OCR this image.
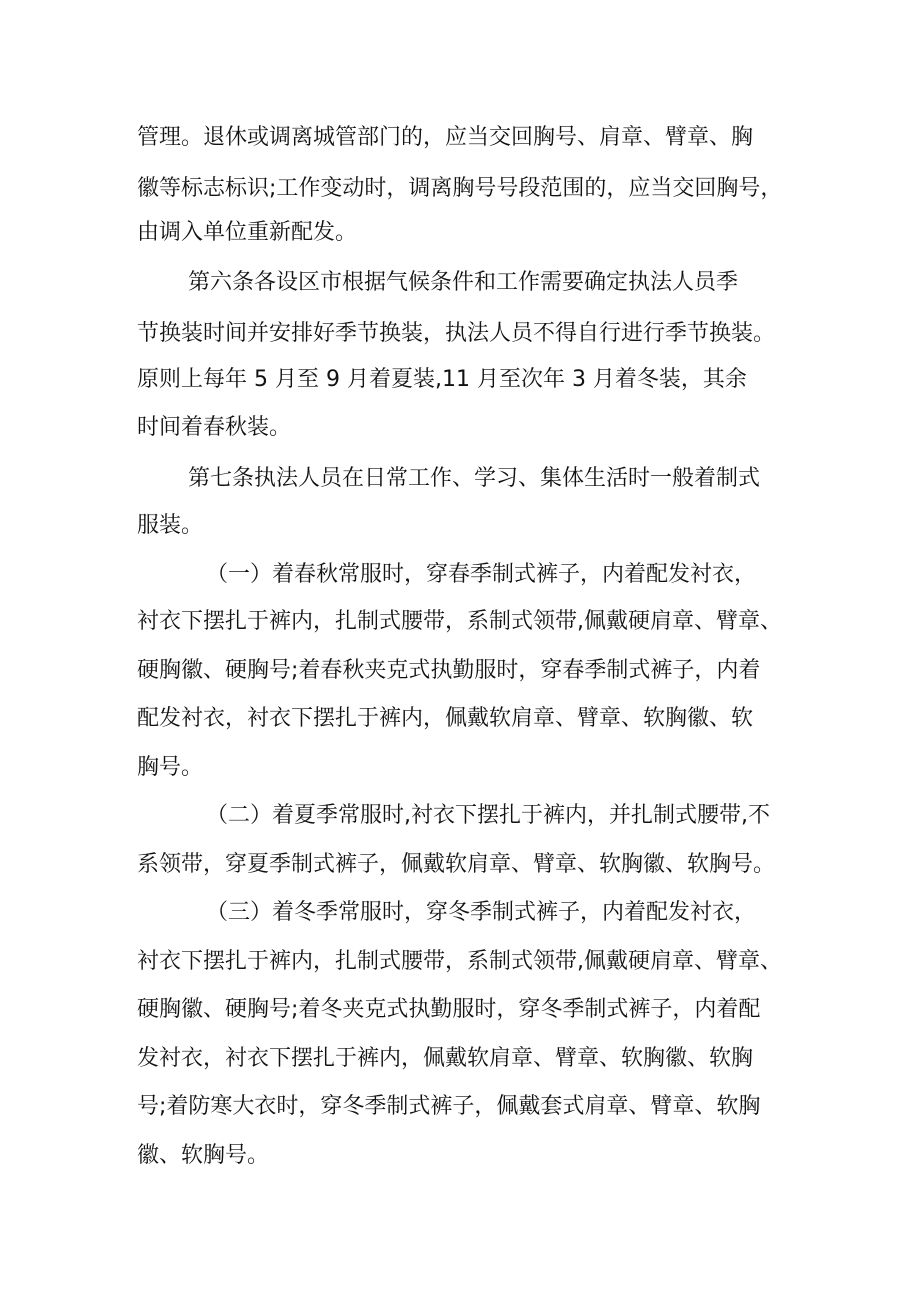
管理。退休或调离城管部门的，应当交回胸号、肩章、臂章、胸

徽等标志标识;工作变动时，调离胸号号段范围的，应当交回胸号，

由调入单位重新配发。

第六条各设区市根据气候条件和工作需要确定执法人员季

节换装时间并安排好季节换装，执法人员不得自行进行季节换装。

原则上每年 5 月至 9 月着夏装,11 月至次年 3 月着冬装，其余

时间着春秋装。

第七条执法人员在日常工作、学习、集体生活时一般着制式

服装。

（一）着春秋常服时，穿春季制式裤子，内着配发衬衣，

衬衣下摆扎于裤内，扎制式腰带，系制式领带,佩戴硬肩章、臂章、

硬胸徽、硬胸号;着春秋夹克式执勤服时，穿春季制式裤子，内着

配发衬衣，衬衣下摆扎于裤内，佩戴软肩章、臂章、软胸徽、软

胸号。

（二）着夏季常服时,衬衣下摆扎于裤内，并扎制式腰带,不

系领带，穿夏季制式裤子，佩戴软肩章、臂章、软胸徽、软胸号。

（三）着冬季常服时，穿冬季制式裤子，内着配发衬衣，

衬衣下摆扎于裤内，扎制式腰带，系制式领带,佩戴硬肩章、臂章、

硬胸徽、硬胸号;着冬夹克式执勤服时，穿冬季制式裤子，内着配

发衬衣，衬衣下摆扎于裤内，佩戴软肩章、臂章、软胸徽、软胸

号;着防寒大衣时，穿冬季制式裤子，佩戴套式肩章、臂章、软胸

徽、软胸号。
